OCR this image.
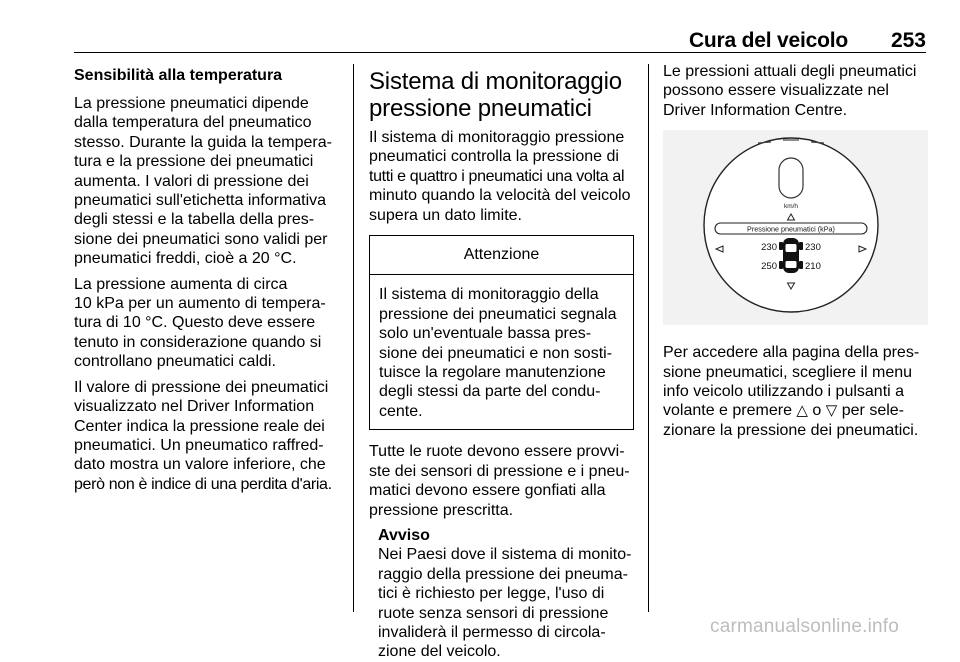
Cura del veicolo	253
Sensibilità alla temperatura

La pressione pneumatici dipende
dalla temperatura del pneumatico
stesso. Durante la guida la tempera-
tura e la pressione dei pneumatici
aumenta. I valori di pressione dei
pneumatici sull'etichetta informativa
degli stessi e la tabella della pres-
sione dei pneumatici sono validi per
pneumatici freddi, cioè a 20 °C.

La pressione aumenta di circa
10 kPa per un aumento di tempera-
tura di 10 °C. Questo deve essere
tenuto in considerazione quando si
controllano pneumatici caldi.

Il valore di pressione dei pneumatici
visualizzato nel Driver Information
Center indica la pressione reale dei
pneumatici. Un pneumatico raffred-
dato mostra un valore inferiore, che
però non è indice di una perdita d'aria.

Sistema di monitoraggio
pressione pneumatici

Il sistema di monitoraggio pressione
pneumatici controlla la pressione di
tutti e quattro i pneumatici una volta al
minuto quando la velocità del veicolo
supera un dato limite.

Attenzione
Il sistema di monitoraggio della
pressione dei pneumatici segnala
solo un'eventuale bassa pres-
sione dei pneumatici e non sosti-
tuisce la regolare manutenzione
degli stessi da parte del condu-
cente.

Tutte le ruote devono essere provvi-
ste dei sensori di pressione e i pneu-
matici devono essere gonfiati alla
pressione prescritta.

Avviso
Nei Paesi dove il sistema di monito-
raggio della pressione dei pneuma-
tici è richiesto per legge, l'uso di
ruote senza sensori di pressione
invaliderà il permesso di circola-
zione del veicolo.

Le pressioni attuali degli pneumatici
possono essere visualizzate nel
Driver Information Centre.

km/h
Pressione pneumatici (kPa)
230	230
250	210

Per accedere alla pagina della pres-
sione pneumatici, scegliere il menu
info veicolo utilizzando i pulsanti a
volante e premere △ o ▽ per sele-
zionare la pressione dei pneumatici.

carmanualsonline.info
